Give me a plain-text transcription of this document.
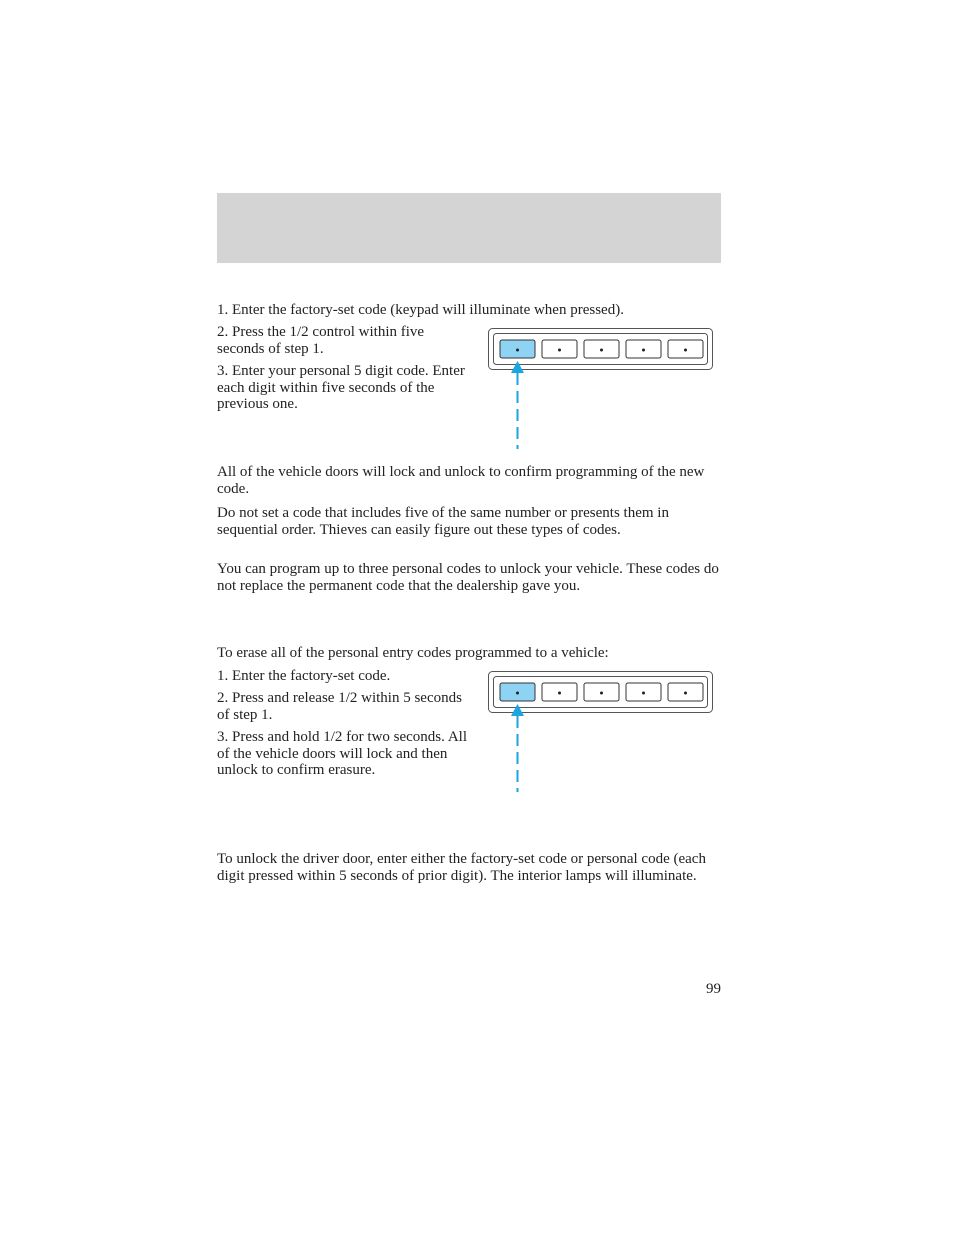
1. Enter the factory-set code (keypad will illuminate when pressed).

2. Press the 1/2 control within five seconds of step 1.

3. Enter your personal 5 digit code. Enter each digit within five seconds of the previous one.

All of the vehicle doors will lock and unlock to confirm programming of the new code.

Do not set a code that includes five of the same number or presents them in sequential order. Thieves can easily figure out these types of codes.

You can program up to three personal codes to unlock your vehicle. These codes do not replace the permanent code that the dealership gave you.

To erase all of the personal entry codes programmed to a vehicle:

1. Enter the factory-set code.

2. Press and release 1/2 within 5 seconds of step 1.

3. Press and hold 1/2 for two seconds. All of the vehicle doors will lock and then unlock to confirm erasure.

To unlock the driver door, enter either the factory-set code or personal code (each digit pressed within 5 seconds of prior digit). The interior lamps will illuminate.

99
